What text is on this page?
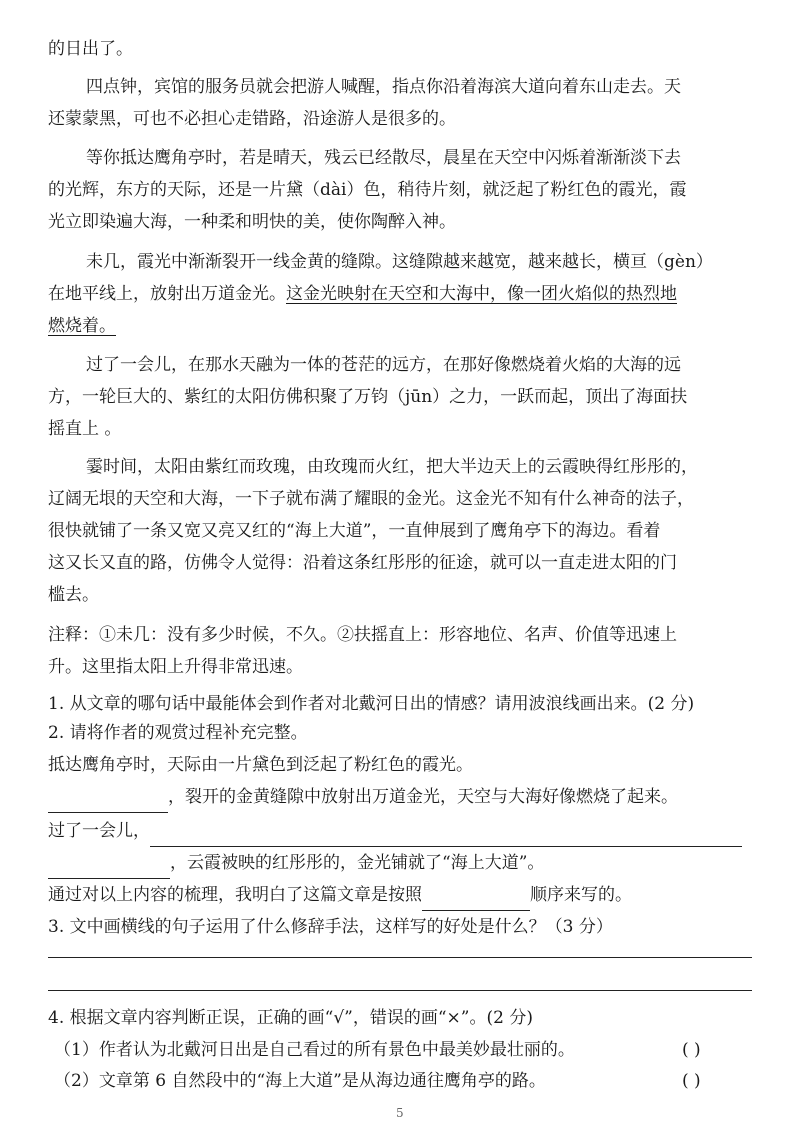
的日出了。
四点钟，宾馆的服务员就会把游人喊醒，指点你沿着海滨大道向着东山走去。天
还蒙蒙黑，可也不必担心走错路，沿途游人是很多的。
等你抵达鹰角亭时，若是晴天，残云已经散尽，晨星在天空中闪烁着渐渐淡下去
的光辉，东方的天际，还是一片黛（dài）色，稍待片刻，就泛起了粉红色的霞光，霞
光立即染遍大海，一种柔和明快的美，使你陶醉入神。
未几，霞光中渐渐裂开一线金黄的缝隙。这缝隙越来越宽，越来越长，横亘（gèn）
在地平线上，放射出万道金光。这金光映射在天空和大海中，像一团火焰似的热烈地
燃烧着。
过了一会儿，在那水天融为一体的苍茫的远方，在那好像燃烧着火焰的大海的远
方，一轮巨大的、紫红的太阳仿佛积聚了万钧（jūn）之力，一跃而起，顶出了海面扶
摇直上 。
霎时间，太阳由紫红而玫瑰，由玫瑰而火红，把大半边天上的云霞映得红彤彤的，
辽阔无垠的天空和大海，一下子就布满了耀眼的金光。这金光不知有什么神奇的法子，
很快就铺了一条又宽又亮又红的“海上大道”，一直伸展到了鹰角亭下的海边。看着
这又长又直的路，仿佛令人觉得：沿着这条红彤彤的征途，就可以一直走进太阳的门
槛去。
注释：①未几：没有多少时候，不久。②扶摇直上：形容地位、名声、价值等迅速上
升。这里指太阳上升得非常迅速。
1. 从文章的哪句话中最能体会到作者对北戴河日出的情感？请用波浪线画出来。(2 分)
2. 请将作者的观赏过程补充完整。
抵达鹰角亭时，天际由一片黛色到泛起了粉红色的霞光。
，裂开的金黄缝隙中放射出万道金光，天空与大海好像燃烧了起来。
过了一会儿，
，云霞被映的红彤彤的，金光铺就了“海上大道”。
通过对以上内容的梳理，我明白了这篇文章是按照	顺序来写的。
3. 文中画横线的句子运用了什么修辞手法，这样写的好处是什么？（3 分）
4. 根据文章内容判断正误，正确的画“√”，错误的画“×”。(2 分)
（1）作者认为北戴河日出是自己看过的所有景色中最美妙最壮丽的。	( )
（2）文章第 6 自然段中的“海上大道”是从海边通往鹰角亭的路。	( )
5
